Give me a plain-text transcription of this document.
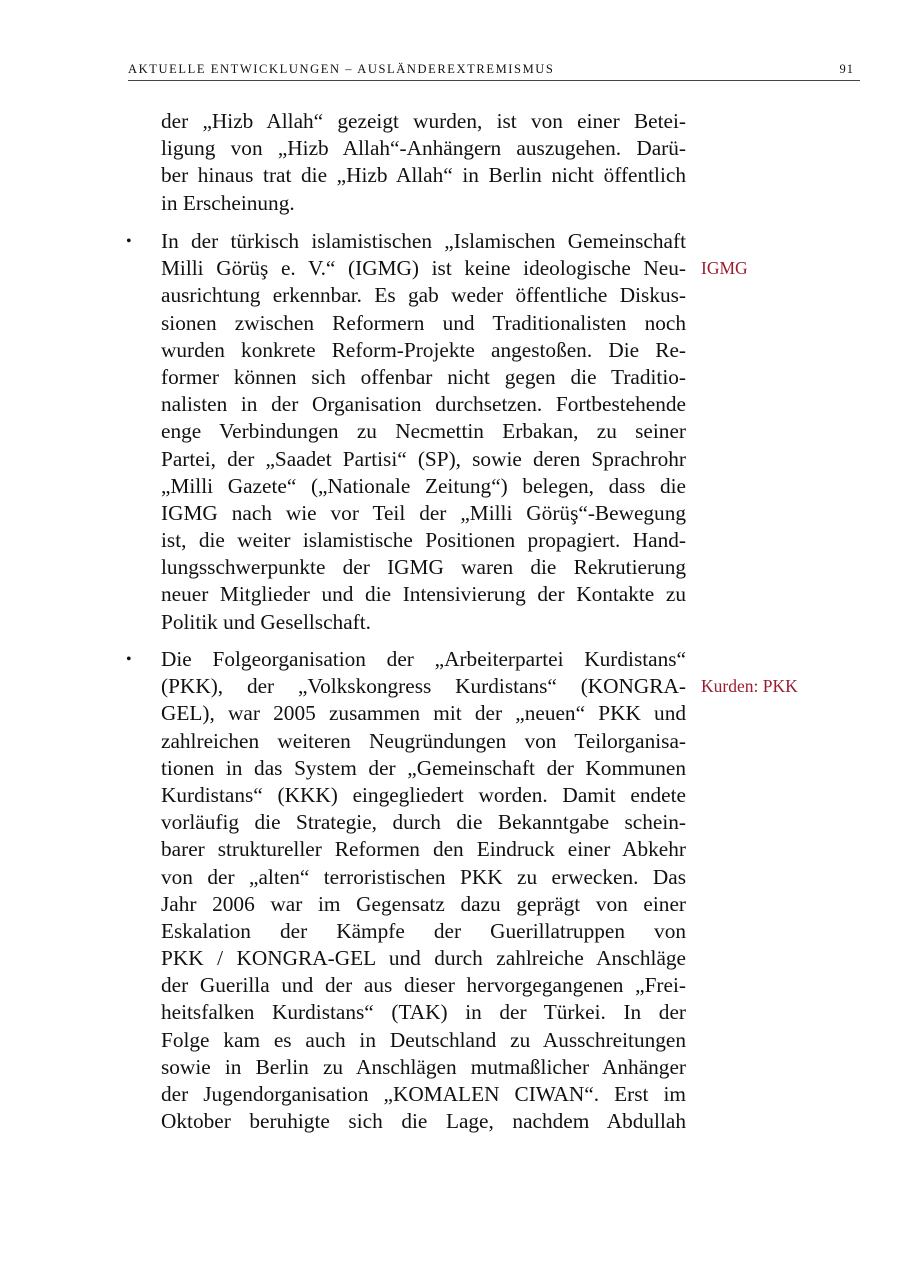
AKTUELLE ENTWICKLUNGEN – AUSLÄNDEREXTREMISMUS	91
der „Hizb Allah“ gezeigt wurden, ist von einer Betei-
ligung von „Hizb Allah“-Anhängern auszugehen. Darü-
ber hinaus trat die „Hizb Allah“ in Berlin nicht öffentlich
in Erscheinung.
•
IGMG
In der türkisch islamistischen „Islamischen Gemeinschaft
Milli Görüş e. V.“ (IGMG) ist keine ideologische Neu-
ausrichtung erkennbar. Es gab weder öffentliche Diskus-
sionen zwischen Reformern und Traditionalisten noch
wurden konkrete Reform-Projekte angestoßen. Die Re-
former können sich offenbar nicht gegen die Traditio-
nalisten in der Organisation durchsetzen. Fortbestehende
enge Verbindungen zu Necmettin Erbakan, zu seiner
Partei, der „Saadet Partisi“ (SP), sowie deren Sprachrohr
„Milli Gazete“ („Nationale Zeitung“) belegen, dass die
IGMG nach wie vor Teil der „Milli Görüş“-Bewegung
ist, die weiter islamistische Positionen propagiert. Hand-
lungsschwerpunkte der IGMG waren die Rekrutierung
neuer Mitglieder und die Intensivierung der Kontakte zu
Politik und Gesellschaft.
•
Kurden: PKK
Die Folgeorganisation der „Arbeiterpartei Kurdistans“
(PKK), der „Volkskongress Kurdistans“ (KONGRA-
GEL), war 2005 zusammen mit der „neuen“ PKK und
zahlreichen weiteren Neugründungen von Teilorganisa-
tionen in das System der „Gemeinschaft der Kommunen
Kurdistans“ (KKK) eingegliedert worden. Damit endete
vorläufig die Strategie, durch die Bekanntgabe schein-
barer struktureller Reformen den Eindruck einer Abkehr
von der „alten“ terroristischen PKK zu erwecken. Das
Jahr 2006 war im Gegensatz dazu geprägt von einer
Eskalation der Kämpfe der Guerillatruppen von
PKK / KONGRA-GEL und durch zahlreiche Anschläge
der Guerilla und der aus dieser hervorgegangenen „Frei-
heitsfalken Kurdistans“ (TAK) in der Türkei. In der
Folge kam es auch in Deutschland zu Ausschreitungen
sowie in Berlin zu Anschlägen mutmaßlicher Anhänger
der Jugendorganisation „KOMALEN CIWAN“. Erst im
Oktober beruhigte sich die Lage, nachdem Abdullah
